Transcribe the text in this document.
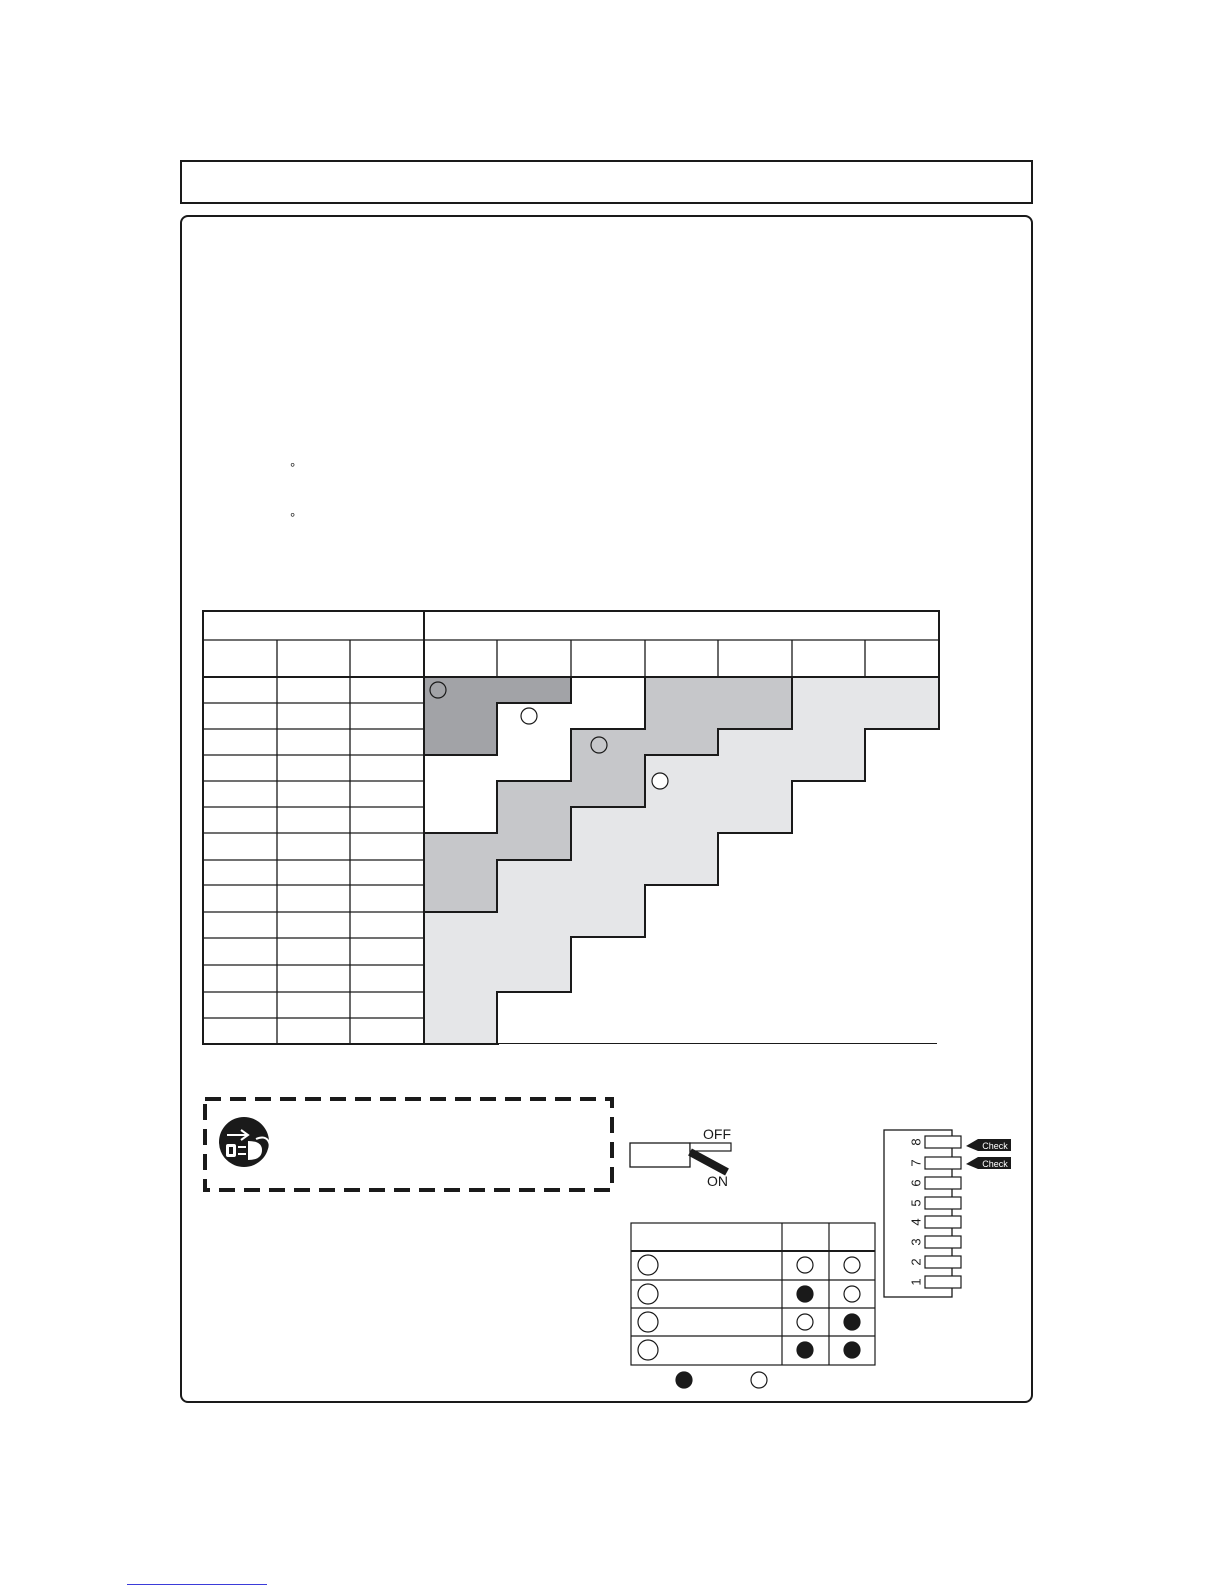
°
°
OFF
ON
8
7
6
5
4
3
2
1
Check
Check
